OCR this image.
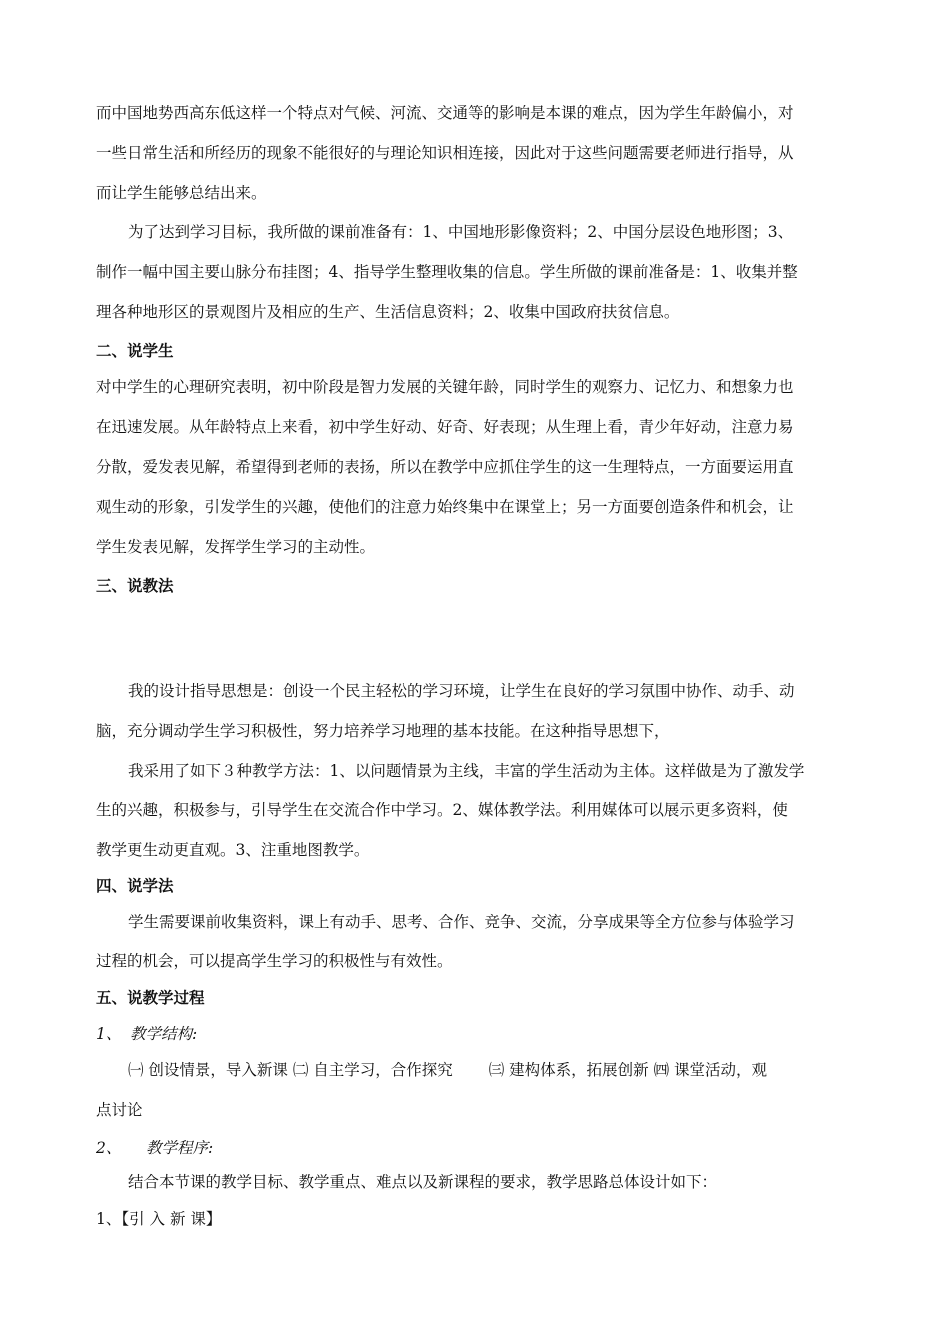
而中国地势西高东低这样一个特点对气候、河流、交通等的影响是本课的难点，因为学生年龄偏小，对
一些日常生活和所经历的现象不能很好的与理论知识相连接，因此对于这些问题需要老师进行指导，从
而让学生能够总结出来。
为了达到学习目标，我所做的课前准备有：1、中国地形影像资料；2、中国分层设色地形图；3、
制作一幅中国主要山脉分布挂图；4、指导学生整理收集的信息。学生所做的课前准备是：1、收集并整
理各种地形区的景观图片及相应的生产、生活信息资料；2、收集中国政府扶贫信息。
二、说学生
对中学生的心理研究表明，初中阶段是智力发展的关键年龄，同时学生的观察力、记忆力、和想象力也
在迅速发展。从年龄特点上来看，初中学生好动、好奇、好表现；从生理上看，青少年好动，注意力易
分散，爱发表见解，希望得到老师的表扬，所以在教学中应抓住学生的这一生理特点，一方面要运用直
观生动的形象，引发学生的兴趣，使他们的注意力始终集中在课堂上；另一方面要创造条件和机会，让
学生发表见解，发挥学生学习的主动性。
三、说教法
我的设计指导思想是：创设一个民主轻松的学习环境，让学生在良好的学习氛围中协作、动手、动
脑，充分调动学生学习积极性，努力培养学习地理的基本技能。在这种指导思想下，
我采用了如下３种教学方法：1、以问题情景为主线，丰富的学生活动为主体。这样做是为了激发学
生的兴趣，积极参与，引导学生在交流合作中学习。2、媒体教学法。利用媒体可以展示更多资料，使
教学更生动更直观。3、注重地图教学。
四、说学法
学生需要课前收集资料，课上有动手、思考、合作、竞争、交流，分享成果等全方位参与体验学习
过程的机会，可以提高学生学习的积极性与有效性。
五、说教学过程
1、 教学结构:
㈠ 创设情景，导入新课 ㈡ 自主学习，合作探究　　 ㈢ 建构体系，拓展创新 ㈣ 课堂活动，观
点讨论
2、 教学程序:
结合本节课的教学目标、教学重点、难点以及新课程的要求，教学思路总体设计如下：
1、【引 入 新 课】
